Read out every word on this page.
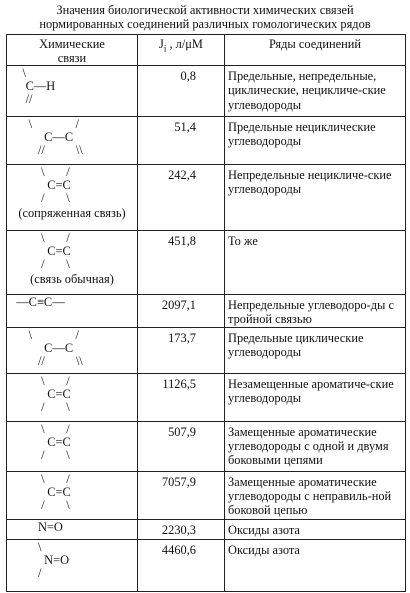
Значения биологической активности химических связей
нормированных соединений различных гомологических рядов
Химические
связи	$J_i$ , л/μM	Ряды соединений

\
C—H
//	0,8	Предельные, непредельные, циклические, нецикличе-ские углеводороды

\              /
C—C
//          \\	51,4	Предельные нециклические углеводороды

\       /
C=C
/       \
(сопряженная связь)	242,4	Непредельные нецикличе-ские углеводороды

\       /
C=C
/       \
(связь обычная)	451,8	То же

—C≡C—	2097,1	Непредельные углеводоро-ды с тройной связью

\              /
C—C
//          \\	173,7	Предельные циклические углеводороды

\       /
C=C
/       \	1126,5	Незамещенные ароматиче-ские углеводороды

\       /
C=C
/       \	507,9	Замещенные ароматические углеводороды с одной и двумя боковыми цепями

\       /
C=C
/       \	7057,9	Замещенные ароматические углеводороды с неправиль-ной боковой цепью

N=O	2230,3	Оксиды азота

\
N=O
/	4460,6	Оксиды азота
